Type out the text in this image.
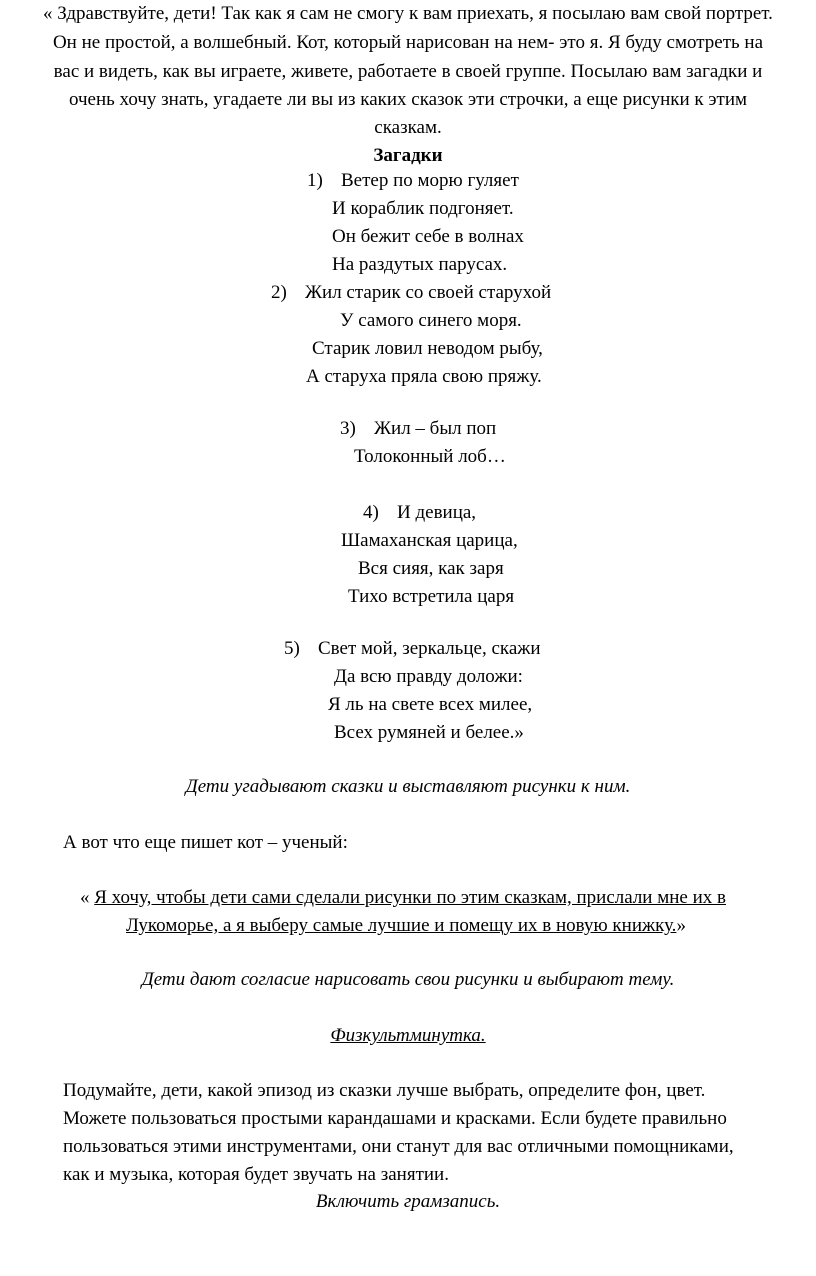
« Здравствуйте, дети! Так как я сам не смогу к вам приехать, я посылаю вам свой портрет.
Он не простой, а волшебный. Кот, который нарисован на нем- это я. Я буду смотреть на
вас и видеть, как вы играете, живете, работаете в своей группе. Посылаю вам загадки и
очень хочу знать, угадаете ли вы из каких сказок эти строчки, а еще рисунки к этим
сказкам.
Загадки
1) Ветер по морю гуляет
И кораблик подгоняет.
Он бежит себе в волнах
На раздутых парусах.
2) Жил старик со своей старухой
У самого синего моря.
Старик ловил неводом рыбу,
А старуха пряла свою пряжу.
3) Жил – был поп
Толоконный лоб…
4) И девица,
Шамаханская царица,
Вся сияя, как заря
Тихо встретила царя
5) Свет мой, зеркальце, скажи
Да всю правду доложи:
Я ль на свете всех милее,
Всех румяней и белее.»
Дети угадывают сказки и выставляют рисунки к ним.
А вот что еще пишет кот – ученый:
« Я хочу, чтобы дети сами сделали рисунки по этим сказкам, прислали мне их в
Лукоморье, а я выберу самые лучшие и помещу их в новую книжку.»
Дети дают согласие нарисовать свои рисунки и выбирают тему.
Физкультминутка.
Подумайте, дети, какой эпизод из сказки лучше выбрать, определите фон, цвет.
Можете пользоваться простыми карандашами и красками. Если будете правильно
пользоваться этими инструментами, они станут для вас отличными помощниками,
как и музыка, которая будет звучать на занятии.
Включить грамзапись.
